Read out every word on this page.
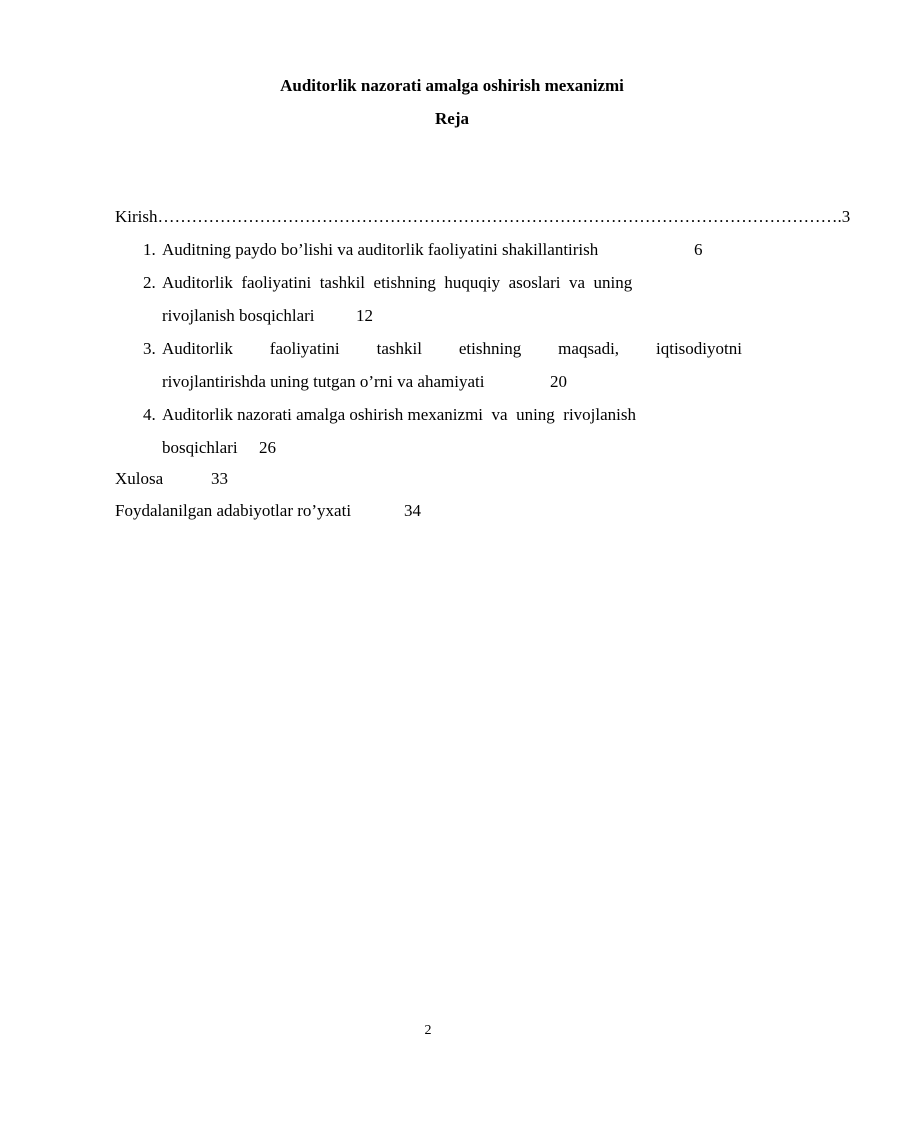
Auditorlik nazorati amalga oshirish mexanizmi
Reja
Kirish ………………………………………………………………………………………………………… .3
1. Auditning paydo bo’lishi va auditorlik faoliyatini shakillantirish	6
2. Auditorlik  faoliyatini  tashkil  etishning  huquqiy  asoslari  va  uning
rivojlanish bosqichlari 12
3. Auditorlik faoliyatini tashkil etishning maqsadi, iqtisodiyotni
rivojlantirishda uning tutgan o’rni va ahamiyati	20
4. Auditorlik nazorati amalga oshirish mexanizmi  va  uning  rivojlanish
bosqichlari 26
Xulosa	33
Foydalanilgan adabiyotlar ro’yxati	34
2
